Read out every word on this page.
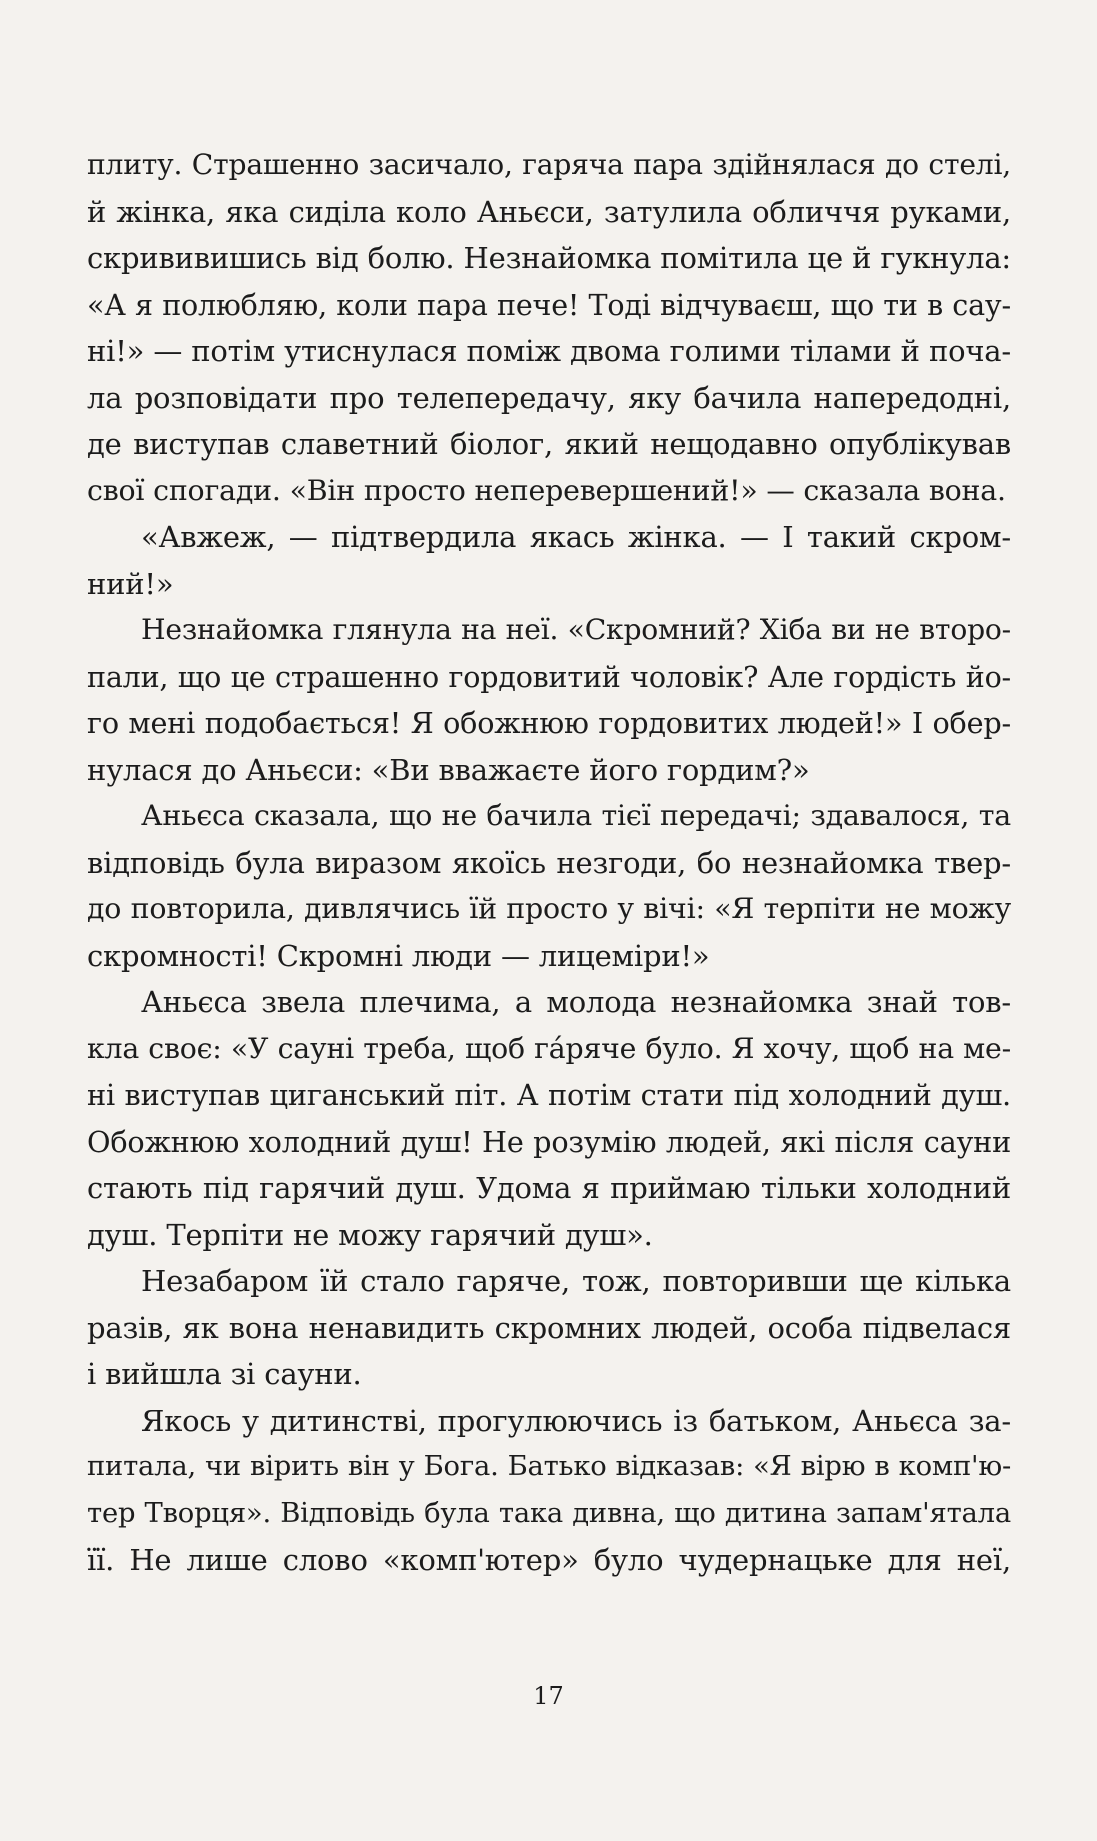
плиту. Страшенно засичало, гаряча пара здійнялася до стелі,
й жінка, яка сиділа коло Аньєси, затулила обличчя руками,
скрививишись від болю. Незнайомка помітила це й гукнула:
«А я полюбляю, коли пара пече! Тоді відчуваєш, що ти в сау-
ні!» — потім утиснулася поміж двома голими тілами й поча-
ла розповідати про телепередачу, яку бачила напередодні,
де виступав славетний біолог, який нещодавно опублікував
свої спогади. «Він просто неперевершений!» — сказала вона.
«Авжеж, — підтвердила якась жінка. — І такий скром-
ний!»
Незнайомка глянула на неї. «Скромний? Хіба ви не второ-
пали, що це страшенно гордовитий чоловік? Але гордість йо-
го мені подобається! Я обожнюю гордовитих людей!» І обер-
нулася до Аньєси: «Ви вважаєте його гордим?»
Аньєса сказала, що не бачила тієї передачі; здавалося, та
відповідь була виразом якоїсь незгоди, бо незнайомка твер-
до повторила, дивлячись їй просто у вічі: «Я терпіти не можу
скромності! Скромні люди — лицеміри!»
Аньєса звела плечима, а молода незнайомка знай тов-
кла своє: «У сауні треба, щоб гáряче було. Я хочу, щоб на ме-
ні виступав циганський піт. А потім стати під холодний душ.
Обожнюю холодний душ! Не розумію людей, які після сауни
стають під гарячий душ. Удома я приймаю тільки холодний
душ. Терпіти не можу гарячий душ».
Незабаром їй стало гаряче, тож, повторивши ще кілька
разів, як вона ненавидить скромних людей, особа підвелася
і вийшла зі сауни.
Якось у дитинстві, прогулюючись із батьком, Аньєса за-
питала, чи вірить він у Бога. Батько відказав: «Я вірю в комп'ю-
тер Творця». Відповідь була така дивна, що дитина запам'ятала
її. Не лише слово «комп'ютер» було чудернацьке для неї,
17
